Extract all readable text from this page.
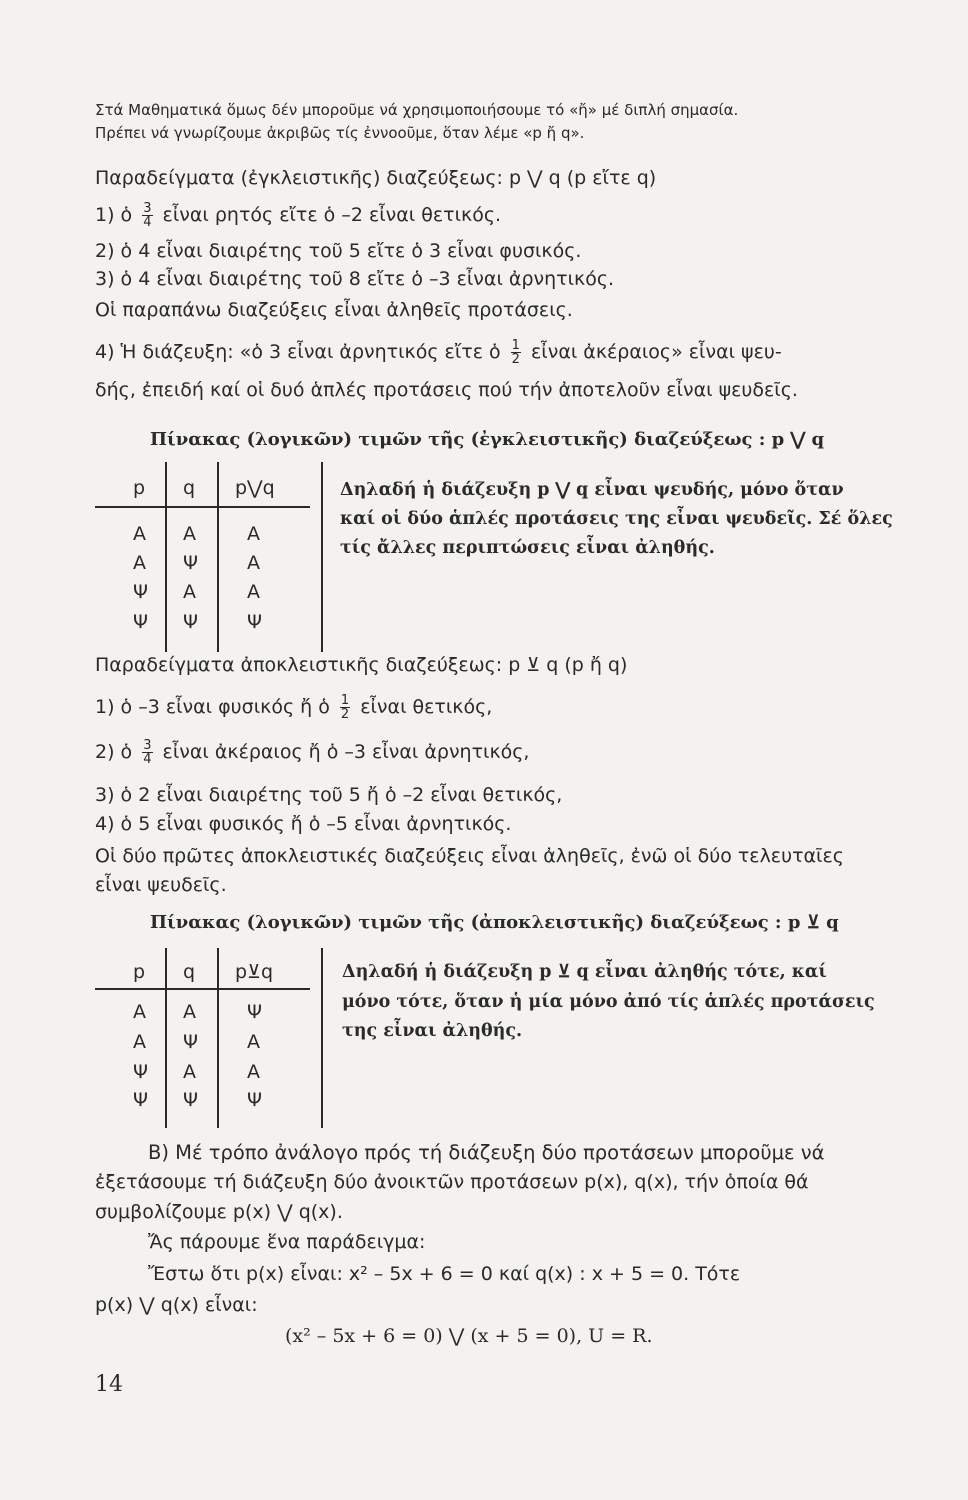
Στά Μαθηματικά ὅμως δέν μποροῦμε νά χρησιμοποιήσουμε τό «ἤ» μέ διπλή σημασία.
Πρέπει νά γνωρίζουμε ἀκριβῶς τίς ἐννοοῦμε, ὅταν λέμε «p ἤ q».
Παραδείγματα (ἐγκλειστικῆς) διαζεύξεως: p ⋁ q (p εἴτε q)
1) ὁ $\frac{3}{4}$ εἶναι ρητός εἴτε ὁ –2 εἶναι θετικός.
2) ὁ 4 εἶναι διαιρέτης τοῦ 5 εἴτε ὁ 3 εἶναι φυσικός.
3) ὁ 4 εἶναι διαιρέτης τοῦ 8 εἴτε ὁ –3 εἶναι ἀρνητικός.
Οἱ παραπάνω διαζεύξεις εἶναι ἀληθεῖς προτάσεις.
4) Ἡ διάζευξη: «ὁ 3 εἶναι ἀρνητικός εἴτε ὁ $\frac{1}{2}$ εἶναι ἀκέραιος» εἶναι ψευ-
δής, ἐπειδή καί οἱ δυό ἁπλές προτάσεις πού τήν ἀποτελοῦν εἶναι ψευδεῖς.
Πίνακας (λογικῶν) τιμῶν τῆς (ἐγκλειστικῆς) διαζεύξεως : p ⋁ q
p q p⋁q
A A	A
A Ψ	A
Ψ A	A
Ψ Ψ	Ψ
Δηλαδή ἡ διάζευξη p ⋁ q εἶναι ψευδής, μόνο ὅταν
καί οἱ δύο ἁπλές προτάσεις της εἶναι ψευδεῖς. Σέ ὅλες
τίς ἄλλες περιπτώσεις εἶναι ἀληθής.
Παραδείγματα ἀποκλειστικῆς διαζεύξεως: p ⊻ q (p ἤ q)
1) ὁ –3 εἶναι φυσικός ἤ ὁ $\frac{1}{2}$ εἶναι θετικός,
2) ὁ $\frac{3}{4}$ εἶναι ἀκέραιος ἤ ὁ –3 εἶναι ἀρνητικός,
3) ὁ 2 εἶναι διαιρέτης τοῦ 5 ἤ ὁ –2 εἶναι θετικός,
4) ὁ 5 εἶναι φυσικός ἤ ὁ –5 εἶναι ἀρνητικός.
Οἱ δύο πρῶτες ἀποκλειστικές διαζεύξεις εἶναι ἀληθεῖς, ἐνῶ οἱ δύο τελευταῖες
εἶναι ψευδεῖς.
Πίνακας (λογικῶν) τιμῶν τῆς (ἀποκλειστικῆς) διαζεύξεως : p ⊻ q
p q p⊻q
A A	Ψ
A Ψ	A
Ψ A	A
Ψ Ψ	Ψ
Δηλαδή ἡ διάζευξη p ⊻ q εἶναι ἀληθής τότε, καί
μόνο τότε, ὅταν ἡ μία μόνο ἀπό τίς ἁπλές προτάσεις
της εἶναι ἀληθής.
B) Μέ τρόπο ἀνάλογο πρός τή διάζευξη δύο προτάσεων μποροῦμε νά
ἐξετάσουμε τή διάζευξη δύο ἀνοικτῶν προτάσεων p(x), q(x), τήν ὁποία θά
συμβολίζουμε p(x) ⋁ q(x).
Ἄς πάρουμε ἕνα παράδειγμα:
Ἔστω ὅτι p(x) εἶναι: x² – 5x + 6 = 0 καί q(x) : x + 5 = 0. Τότε
p(x) ⋁ q(x) εἶναι:
(x² – 5x + 6 = 0) ⋁ (x + 5 = 0), U = R.
14
